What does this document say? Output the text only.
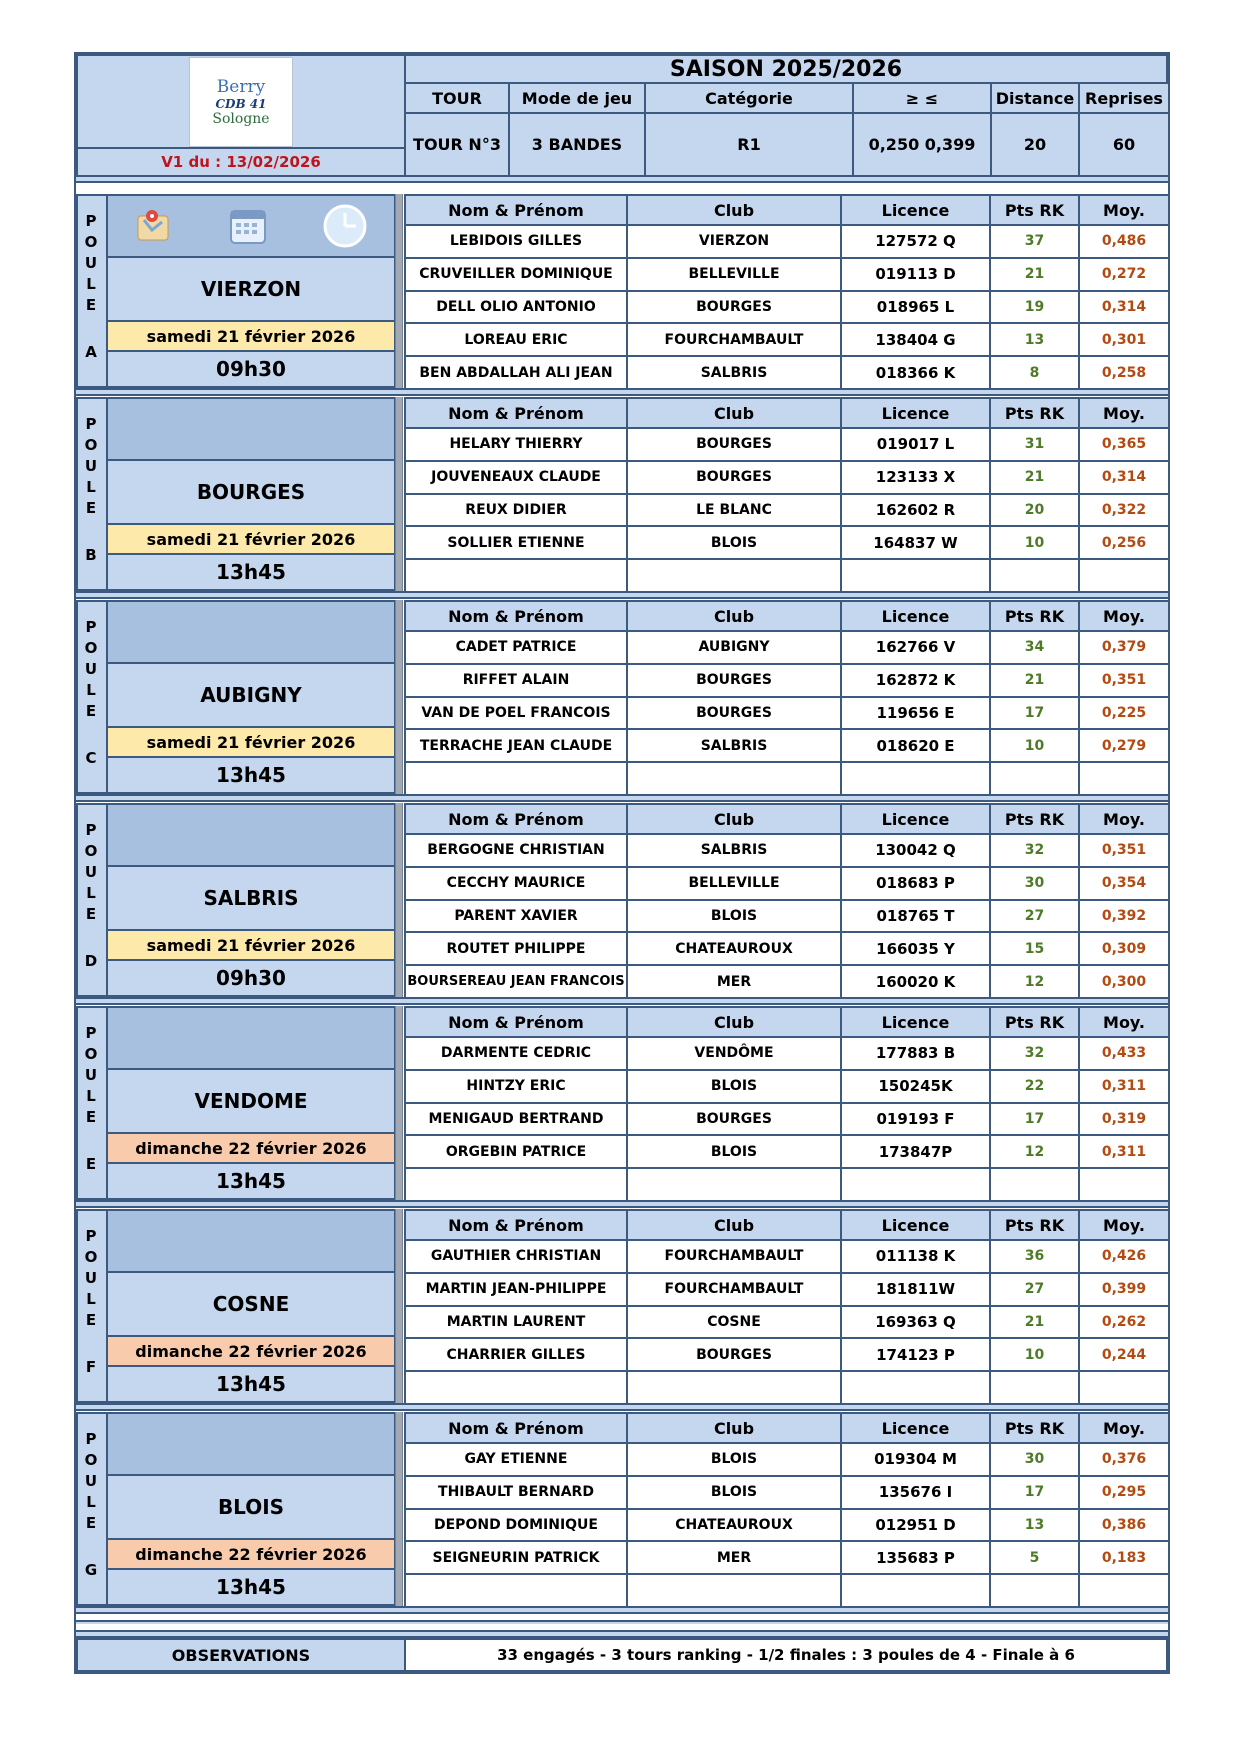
Berry
CDB 41
Sologne
V1 du : 13/02/2026
SAISON 2025/2026
TOUR
TOUR N°3
Mode de jeu
3 BANDES
Catégorie
R1
≥ ≤
0,250 0,399
Distance
20
Reprises
60
P
O
U
L
E
A
VIERZON
samedi 21 février 2026
09h30
Nom & Prénom	Club	Licence	Pts RK	Moy.
LEBIDOIS GILLES	VIERZON	127572 Q	37	0,486
CRUVEILLER DOMINIQUE	BELLEVILLE	019113 D	21	0,272
DELL OLIO ANTONIO	BOURGES	018965 L	19	0,314
LOREAU ERIC	FOURCHAMBAULT	138404 G	13	0,301
BEN ABDALLAH ALI JEAN	SALBRIS	018366 K	8	0,258
P
O
U
L
E
B
BOURGES
samedi 21 février 2026
13h45
Nom & Prénom	Club	Licence	Pts RK	Moy.
HELARY THIERRY	BOURGES	019017 L	31	0,365
JOUVENEAUX CLAUDE	BOURGES	123133 X	21	0,314
REUX DIDIER	LE BLANC	162602 R	20	0,322
SOLLIER ETIENNE	BLOIS	164837 W	10	0,256
P
O
U
L
E
C
AUBIGNY
samedi 21 février 2026
13h45
Nom & Prénom	Club	Licence	Pts RK	Moy.
CADET PATRICE	AUBIGNY	162766 V	34	0,379
RIFFET ALAIN	BOURGES	162872 K	21	0,351
VAN DE POEL FRANCOIS	BOURGES	119656 E	17	0,225
TERRACHE JEAN CLAUDE	SALBRIS	018620 E	10	0,279
P
O
U
L
E
D
SALBRIS
samedi 21 février 2026
09h30
Nom & Prénom	Club	Licence	Pts RK	Moy.
BERGOGNE CHRISTIAN	SALBRIS	130042 Q	32	0,351
CECCHY MAURICE	BELLEVILLE	018683 P	30	0,354
PARENT XAVIER	BLOIS	018765 T	27	0,392
ROUTET PHILIPPE	CHATEAUROUX	166035 Y	15	0,309
BOURSEREAU JEAN FRANCOIS	MER	160020 K	12	0,300
P
O
U
L
E
E
VENDOME
dimanche 22 février 2026
13h45
Nom & Prénom	Club	Licence	Pts RK	Moy.
DARMENTE CEDRIC	VENDÔME	177883 B	32	0,433
HINTZY ERIC	BLOIS	150245K	22	0,311
MENIGAUD BERTRAND	BOURGES	019193 F	17	0,319
ORGEBIN PATRICE	BLOIS	173847P	12	0,311
P
O
U
L
E
F
COSNE
dimanche 22 février 2026
13h45
Nom & Prénom	Club	Licence	Pts RK	Moy.
GAUTHIER CHRISTIAN	FOURCHAMBAULT	011138 K	36	0,426
MARTIN JEAN-PHILIPPE	FOURCHAMBAULT	181811W	27	0,399
MARTIN LAURENT	COSNE	169363 Q	21	0,262
CHARRIER GILLES	BOURGES	174123 P	10	0,244
P
O
U
L
E
G
BLOIS
dimanche 22 février 2026
13h45
Nom & Prénom	Club	Licence	Pts RK	Moy.
GAY ETIENNE	BLOIS	019304 M	30	0,376
THIBAULT BERNARD	BLOIS	135676 I	17	0,295
DEPOND DOMINIQUE	CHATEAUROUX	012951 D	13	0,386
SEIGNEURIN PATRICK	MER	135683 P	5	0,183
OBSERVATIONS	33 engagés - 3 tours ranking - 1/2 finales : 3 poules de 4 - Finale à 6
